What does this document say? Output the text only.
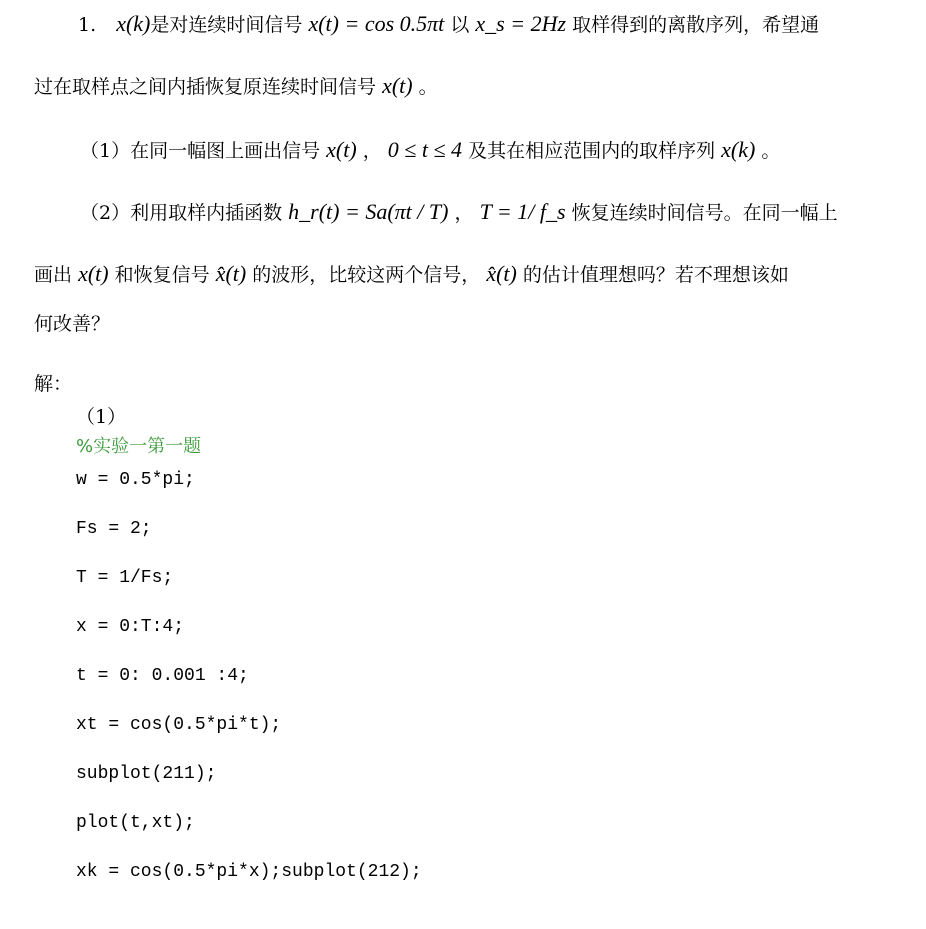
1. x(k)是对连续时间信号 x(t) = cos 0.5πt 以 x_s = 2Hz 取样得到的离散序列，希望通
过在取样点之间内插恢复原连续时间信号 x(t) 。
（1）在同一幅图上画出信号 x(t) ， 0 ≤ t ≤ 4 及其在相应范围内的取样序列 x(k) 。
（2）利用取样内插函数 h_r(t) = Sa(πt / T) ， T = 1/ f_s 恢复连续时间信号。在同一幅上
画出 x(t) 和恢复信号 x̂(t) 的波形，比较这两个信号， x̂(t) 的估计值理想吗？若不理想该如
何改善？
解：
（1）
%实验一第一题
w = 0.5*pi;
Fs = 2;
T = 1/Fs;
x = 0:T:4;
t = 0: 0.001 :4;
xt = cos(0.5*pi*t);
subplot(211);
plot(t,xt);
xk = cos(0.5*pi*x);subplot(212);
